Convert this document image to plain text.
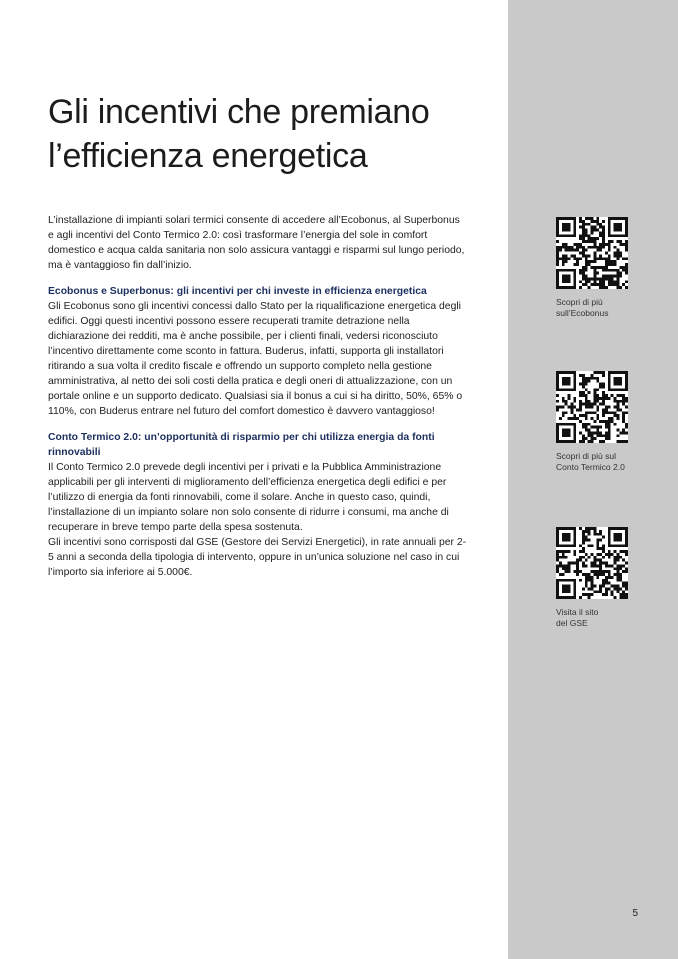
Gli incentivi che premiano l’efficienza energetica

L’installazione di impianti solari termici consente di accedere all’Ecobonus, al Superbonus e agli incentivi del Conto Termico 2.0: così trasformare l’energia del sole in comfort domestico e acqua calda sanitaria non solo assicura vantaggi e risparmi sul lungo periodo, ma è vantaggioso fin dall’inizio.

Ecobonus e Superbonus: gli incentivi per chi investe in efficienza energetica

Gli Ecobonus sono gli incentivi concessi dallo Stato per la riqualificazione energetica degli edifici. Oggi questi incentivi possono essere recuperati tramite detrazione nella dichiarazione dei redditi, ma è anche possibile, per i clienti finali, vedersi riconosciuto l’incentivo direttamente come sconto in fattura. Buderus, infatti, supporta gli installatori ritirando a sua volta il credito fiscale e offrendo un supporto completo nella gestione amministrativa, al netto dei soli costi della pratica e degli oneri di attualizzazione, con un portale online e un supporto dedicato. Qualsiasi sia il bonus a cui si ha diritto, 50%, 65% o 110%, con Buderus entrare nel futuro del comfort domestico è davvero vantaggioso!

Conto Termico 2.0: un’opportunità di risparmio per chi utilizza energia da fonti rinnovabili

Il Conto Termico 2.0 prevede degli incentivi per i privati e la Pubblica Amministrazione applicabili per gli interventi di miglioramento dell’efficienza energetica degli edifici e per l’utilizzo di energia da fonti rinnovabili, come il solare. Anche in questo caso, quindi, l’installazione di un impianto solare non solo consente di ridurre i consumi, ma anche di recuperare in breve tempo parte della spesa sostenuta.

Gli incentivi sono corrisposti dal GSE (Gestore dei Servizi Energetici), in rate annuali per 2-5 anni a seconda della tipologia di intervento, oppure in un’unica soluzione nel caso in cui l’importo sia inferiore ai 5.000€.

Scopri di più
sull’Ecobonus
Scopri di più sul
Conto Termico 2.0
Visita il sito
del GSE
5
